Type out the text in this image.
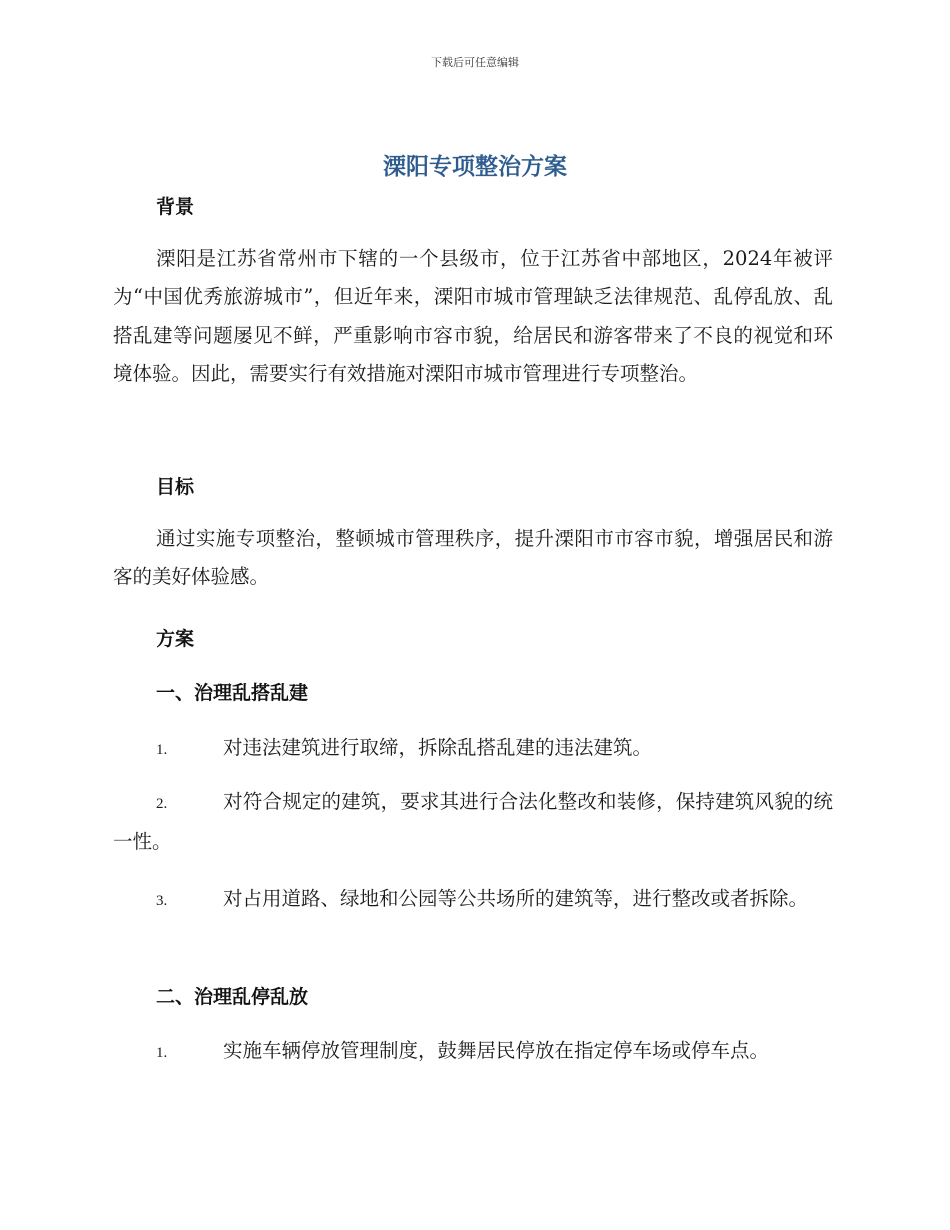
下载后可任意编辑
溧阳专项整治方案
背景
溧阳是江苏省常州市下辖的一个县级市，位于江苏省中部地区，2024年被评为“中国优秀旅游城市”，但近年来，溧阳市城市管理缺乏法律规范、乱停乱放、乱搭乱建等问题屡见不鲜，严重影响市容市貌，给居民和游客带来了不良的视觉和环境体验。因此，需要实行有效措施对溧阳市城市管理进行专项整治。
目标
通过实施专项整治，整顿城市管理秩序，提升溧阳市市容市貌，增强居民和游客的美好体验感。
方案
一、治理乱搭乱建
1.	对违法建筑进行取缔，拆除乱搭乱建的违法建筑。
2.	对符合规定的建筑，要求其进行合法化整改和装修，保持建筑风貌的统一性。
3.	对占用道路、绿地和公园等公共场所的建筑等，进行整改或者拆除。
二、治理乱停乱放
1.	实施车辆停放管理制度，鼓舞居民停放在指定停车场或停车点。
